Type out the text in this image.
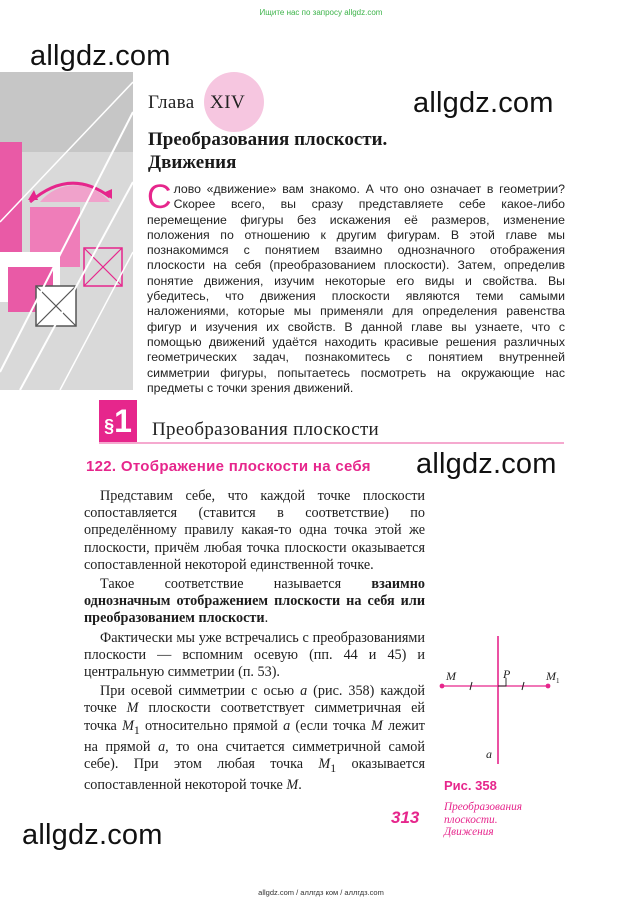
Ищите нас по запросу allgdz.com
allgdz.com
allgdz.com
allgdz.com
allgdz.com
Глава XIV
Преобразования плоскости.
Движения
Слово «движение» вам знакомо. А что оно означает в геометрии? Скорее всего, вы сразу представляете себе какое-либо перемещение фигуры без искажения её размеров, изменение положения по отношению к другим фигурам. В этой главе мы познакомимся с понятием взаимно однозначного отображения плоскости на себя (преобразованием плоскости). Затем, определив понятие движения, изучим некоторые его виды и свойства. Вы убедитесь, что движения плоскости являются теми самыми наложениями, которые мы применяли для определения равенства фигур и изучения их свойств. В данной главе вы узнаете, что с помощью движений удаётся находить красивые решения различных геометрических задач, познакомитесь с понятием внутренней симметрии фигуры, попытаетесь посмотреть на окружающие нас предметы с точки зрения движений.
§1 Преобразования плоскости
122. Отображение плоскости на себя

Представим себе, что каждой точке плоскости сопоставляется (ставится в соответствие) по определённому правилу какая-то одна точка этой же плоскости, причём любая точка плоскости оказывается сопоставленной некоторой единственной точке.

Такое соответствие называется взаимно однозначным отображением плоскости на себя или преобразованием плоскости.

Фактически мы уже встречались с преобразованиями плоскости — вспомним осевую (пп. 44 и 45) и центральную симметрии (п. 53).

При осевой симметрии с осью a (рис. 358) каждой точке M плоскости соответствует симметричная ей точка $M_1$ относительно прямой a (если точка M лежит на прямой a, то она считается симметричной самой себе). При этом любая точка $M_1$ оказывается сопоставленной некоторой точке M.

M	P	M 1
a
Рис. 358
313
Преобразования
плоскости.
Движения
allgdz.com / аллгдз ком / аллгдз.com
